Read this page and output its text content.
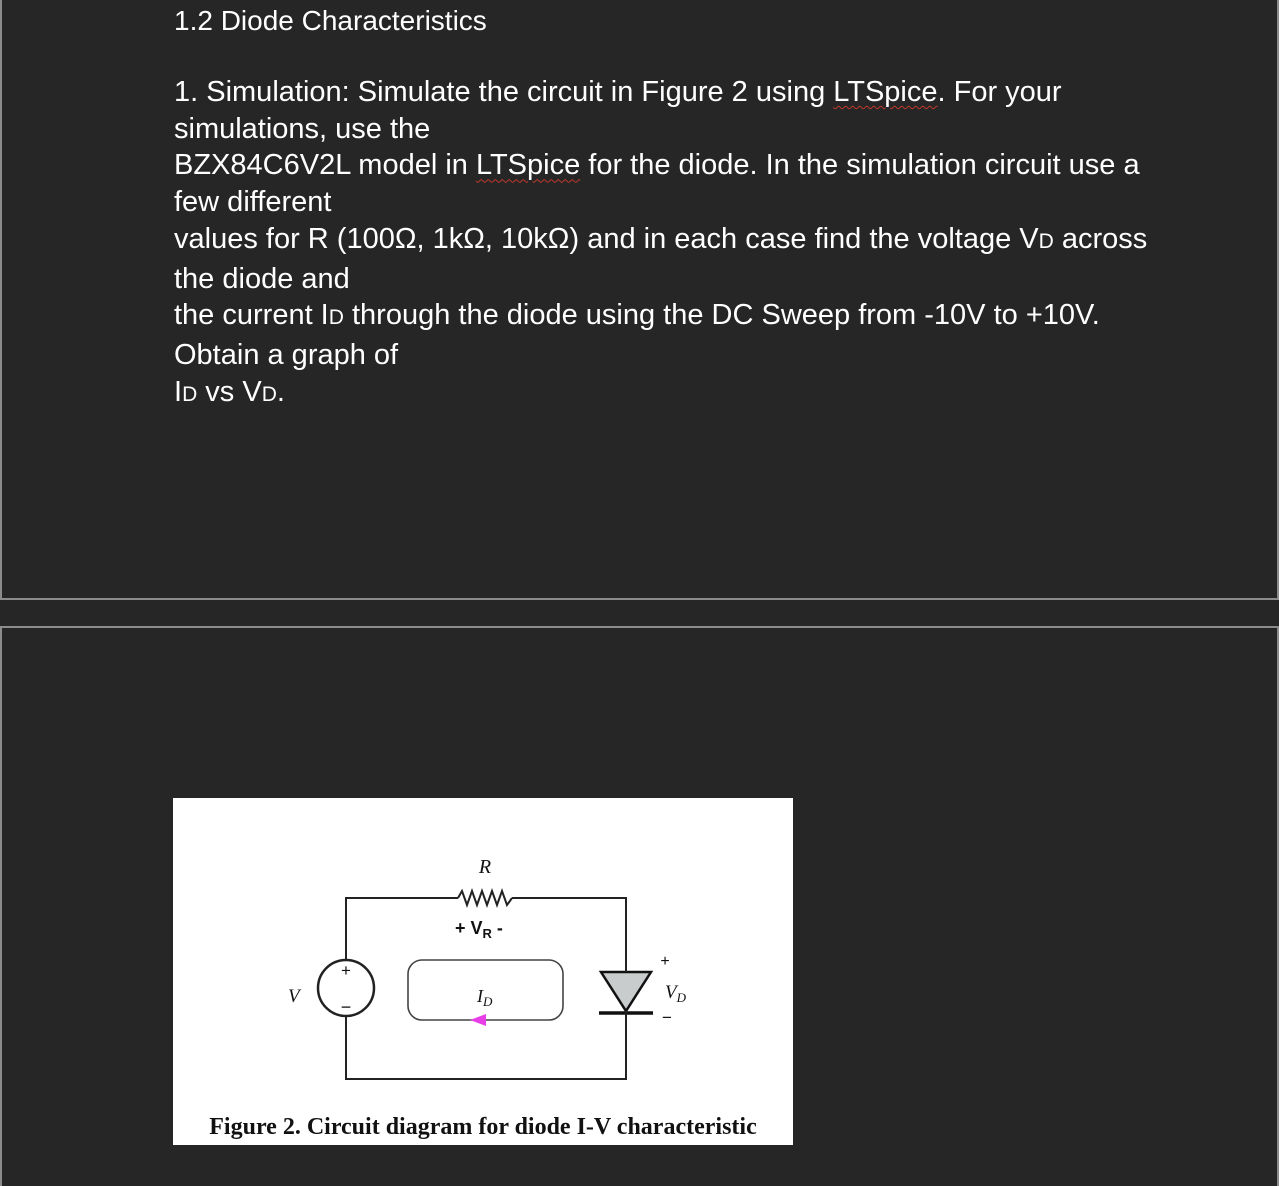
1.2 Diode Characteristics
1. Simulation: Simulate the circuit in Figure 2 using LTSpice. For your
simulations, use the
BZX84C6V2L model in LTSpice for the diode. In the simulation circuit use a
few different
values for R (100Ω, 1kΩ, 10kΩ) and in each case find the voltage VD across
the diode and
the current ID through the diode using the DC Sweep from -10V to +10V.
Obtain a graph of
ID vs VD.
R
+ $V_R$ -
V
+
−
$I_D$
+
$V_D$
−
Figure 2. Circuit diagram for diode I-V characteristic
